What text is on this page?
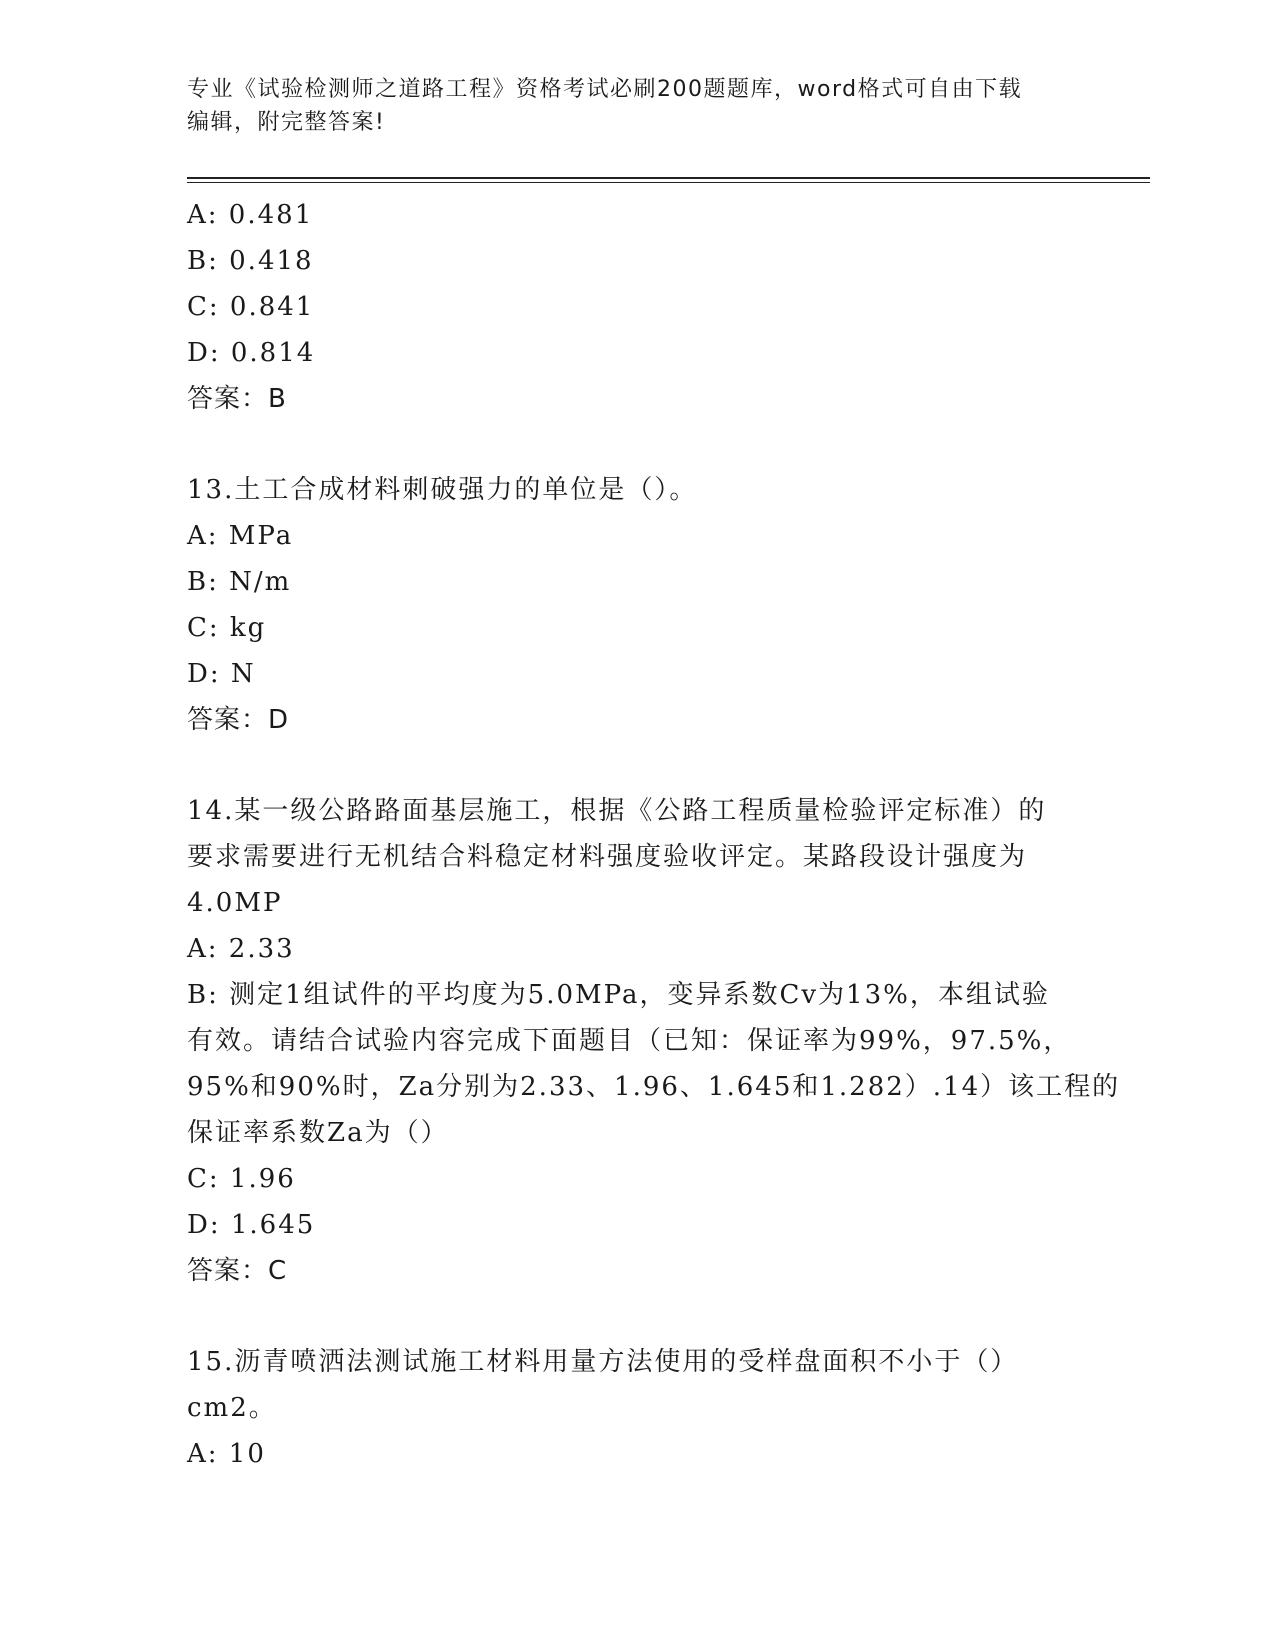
专业《试验检测师之道路工程》资格考试必刷200题题库，word格式可自由下载
编辑，附完整答案!
A: 0.481
B: 0.418
C: 0.841
D: 0.814
答案：B
13.土工合成材料刺破强力的单位是（）。
A: MPa
B: N/m
C: kg
D: N
答案：D
14.某一级公路路面基层施工，根据《公路工程质量检验评定标准）的
要求需要进行无机结合料稳定材料强度验收评定。某路段设计强度为
4.0MP
A: 2.33
B: 测定1组试件的平均度为5.0MPa，变异系数Cv为13%，本组试验
有效。请结合试验内容完成下面题目（已知：保证率为99%，97.5%，
95%和90%时，Za分别为2.33、1.96、1.645和1.282）.14）该工程的
保证率系数Za为（）
C: 1.96
D: 1.645
答案：C
15.沥青喷洒法测试施工材料用量方法使用的受样盘面积不小于（）
cm2。
A: 10
